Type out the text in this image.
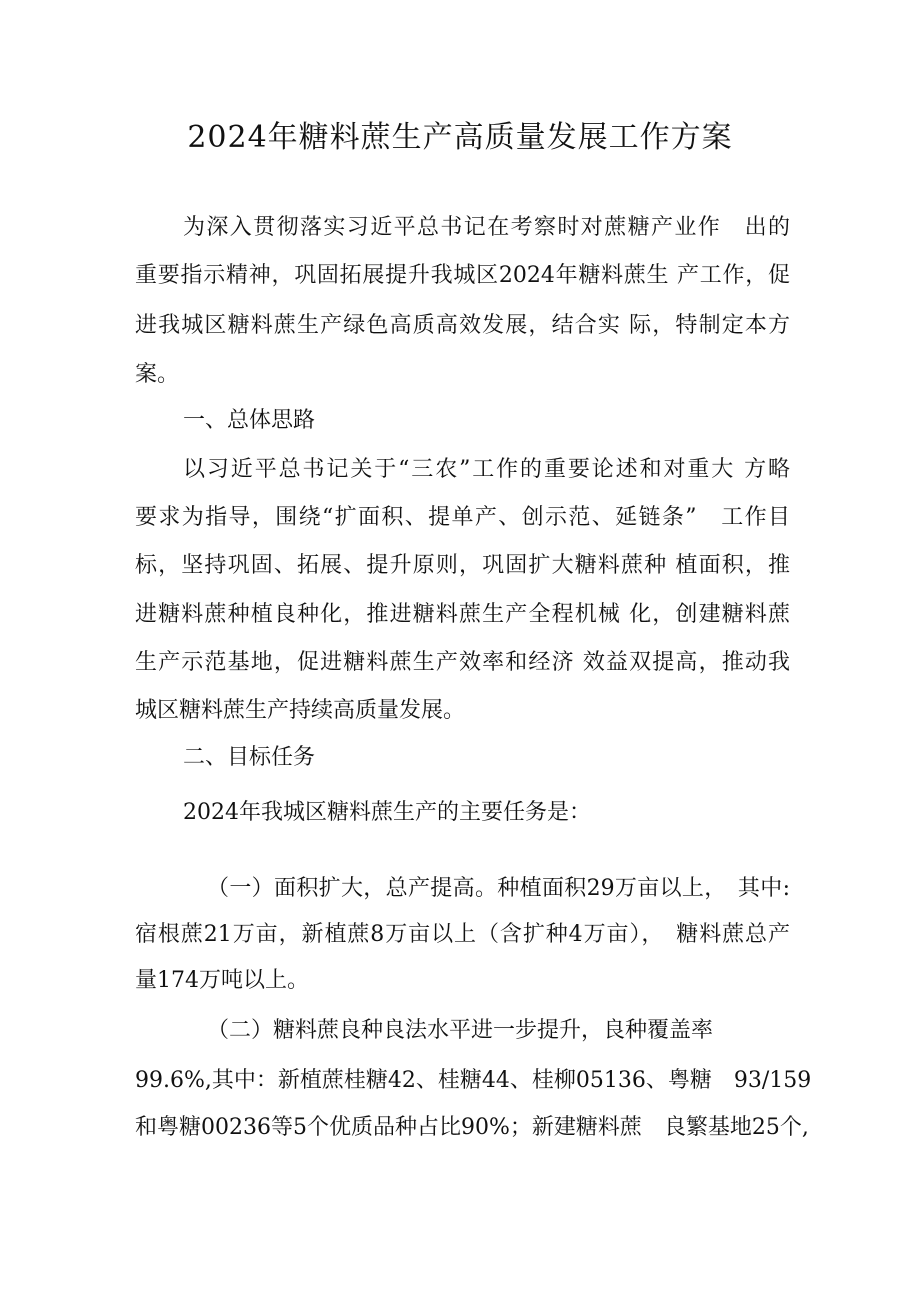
2024年糖料蔗生产高质量发展工作方案
为深入贯彻落实习近平总书记在考察时对蔗糖产业作　出的
重要指示精神，巩固拓展提升我城区2024年糖料蔗生 产工作，促
进我城区糖料蔗生产绿色高质高效发展，结合实 际，特制定本方
案。
一、总体思路
以习近平总书记关于“三农”工作的重要论述和对重大 方略
要求为指导，围绕“扩面积、提单产、创示范、延链条”　工作目
标，坚持巩固、拓展、提升原则，巩固扩大糖料蔗种 植面积，推
进糖料蔗种植良种化，推进糖料蔗生产全程机械 化，创建糖料蔗
生产示范基地，促进糖料蔗生产效率和经济 效益双提高，推动我
城区糖料蔗生产持续高质量发展。
二、目标任务
2024年我城区糖料蔗生产的主要任务是：
（一）面积扩大，总产提高。种植面积29万亩以上，　其中:
宿根蔗21万亩，新植蔗8万亩以上（含扩种4万亩），　糖料蔗总产
量174万吨以上。
（二）糖料蔗良种良法水平进一步提升，良种覆盖率
99.6%,其中：新植蔗桂糖42、桂糖44、桂柳05136、粤糖　93/159
和粤糖00236等5个优质品种占比90%；新建糖料蔗　良繁基地25个,
